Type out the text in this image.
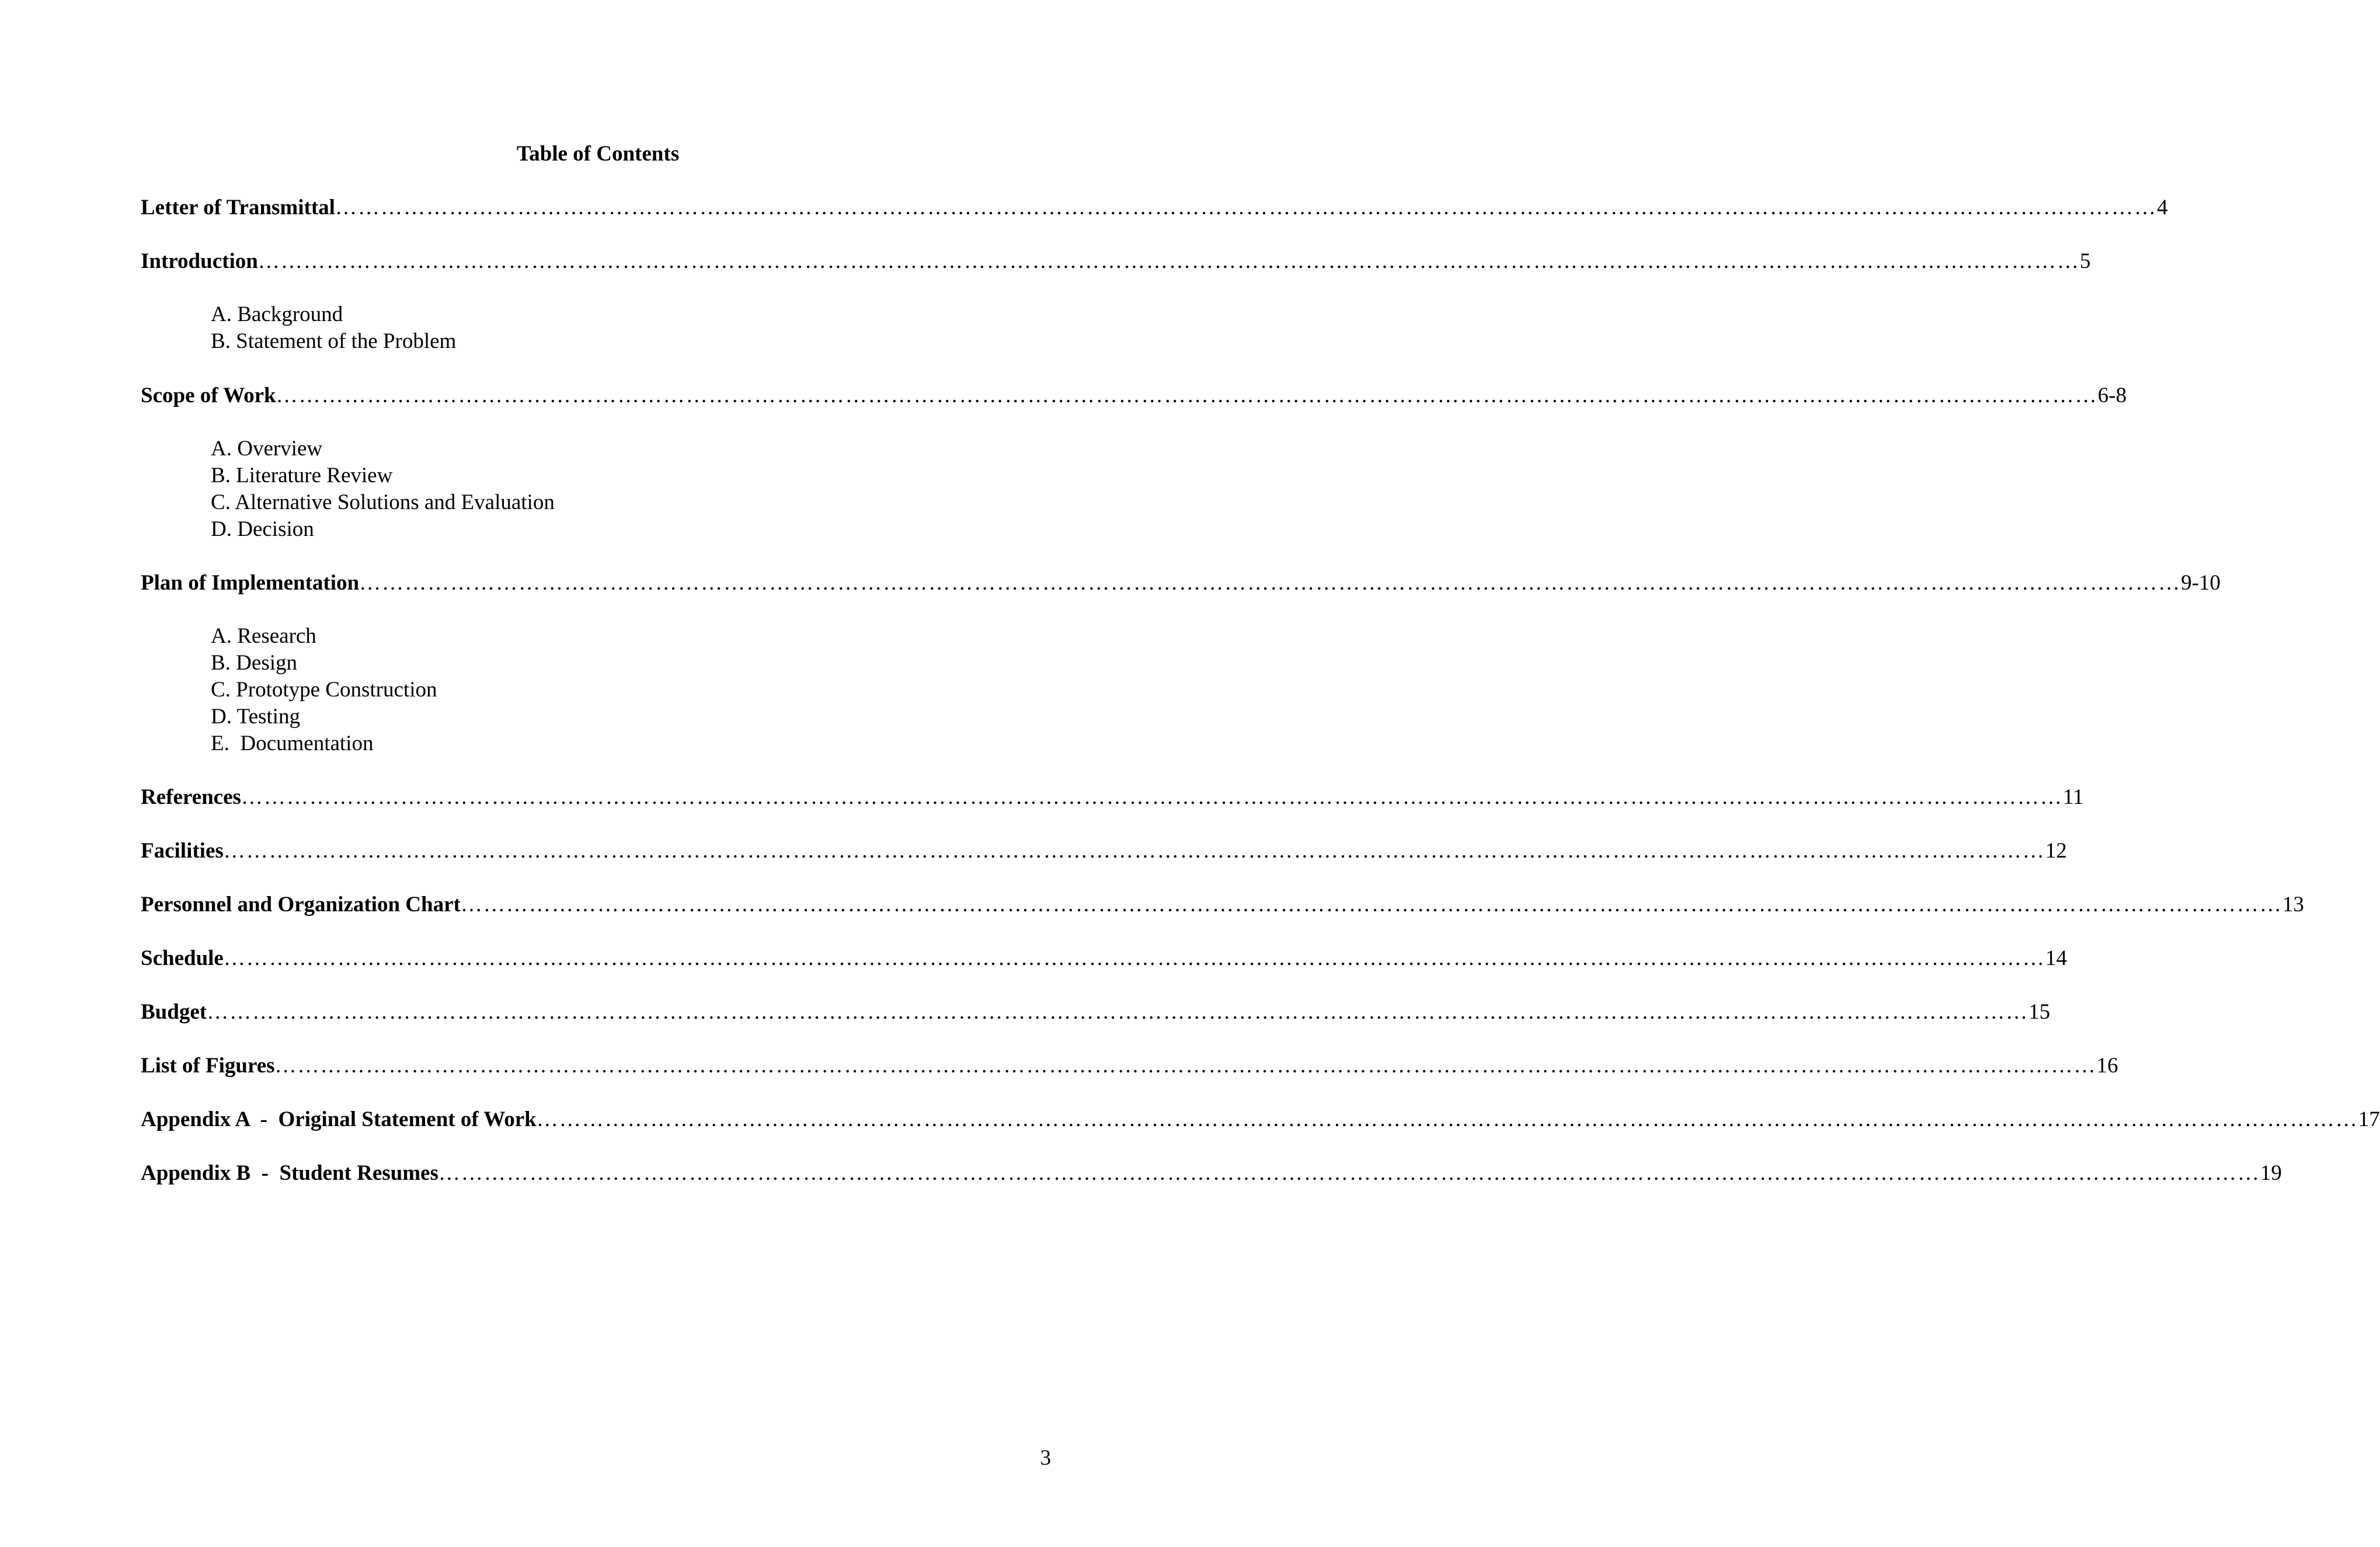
Table of Contents
Letter of Transmittal …………………………………………………………………………………………………………………………………………………………………………………………………………………… 4
Introduction …………………………………………………………………………………………………………………………………………………………………………………………………………………… 5
A. Background
B. Statement of the Problem
Scope of Work …………………………………………………………………………………………………………………………………………………………………………………………………………………… 6-8
A. Overview
B. Literature Review
C. Alternative Solutions and Evaluation
D. Decision
Plan of Implementation …………………………………………………………………………………………………………………………………………………………………………………………………………………… 9-10
A. Research
B. Design
C. Prototype Construction
D. Testing
E.  Documentation
References …………………………………………………………………………………………………………………………………………………………………………………………………………………… 11
Facilities …………………………………………………………………………………………………………………………………………………………………………………………………………………… 12
Personnel and Organization Chart …………………………………………………………………………………………………………………………………………………………………………………………………………………… 13
Schedule …………………………………………………………………………………………………………………………………………………………………………………………………………………… 14
Budget …………………………………………………………………………………………………………………………………………………………………………………………………………………… 15
List of Figures …………………………………………………………………………………………………………………………………………………………………………………………………………………… 16
Appendix A  -  Original Statement of Work …………………………………………………………………………………………………………………………………………………………………………………………………………………… 17
Appendix B  -  Student Resumes …………………………………………………………………………………………………………………………………………………………………………………………………………………… 19
3
